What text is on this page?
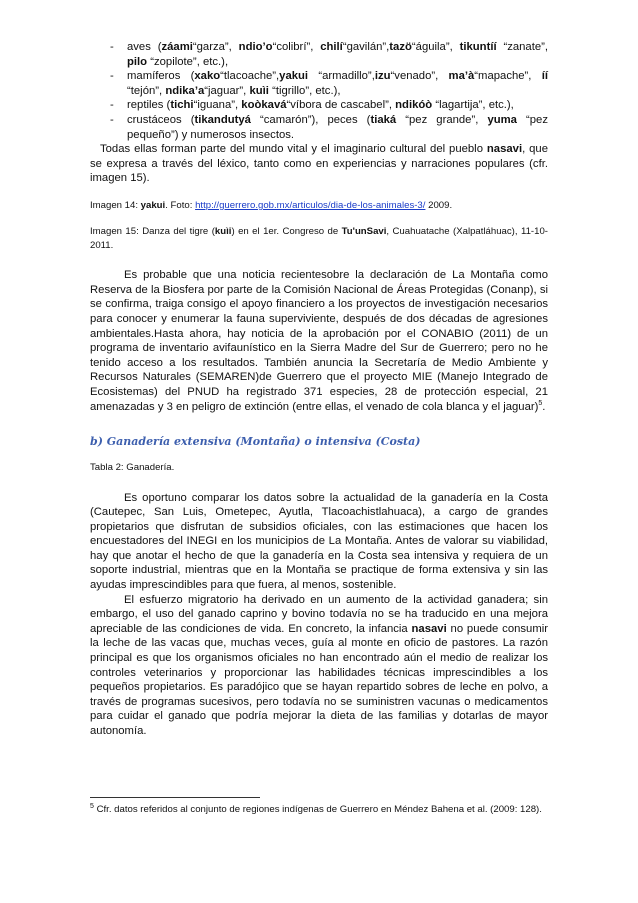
- aves (záami“garza”, ndio’o“colibrí”, chilí“gavilán”,tazö“águila”, tikuntíí “zanate”, pilo “zopilote”, etc.),
- mamíferos (xako“tlacoache”,yakui “armadillo”,izu“venado”, ma’à“mapache”, íí “tejón”, ndika’a“jaguar”, kuìi “tigrillo”, etc.),
- reptiles (tichi“iguana”, koòkavá“víbora de cascabel”, ndikóò “lagartija”, etc.),
- crustáceos (tikandutyá “camarón”), peces (tiaká “pez grande”, yuma “pez pequeño”) y numerosos insectos.

Todas ellas forman parte del mundo vital y el imaginario cultural del pueblo nasavi, que se expresa a través del léxico, tanto como en experiencias y narraciones populares (cfr. imagen 15).

Imagen 14: yakui. Foto: http://guerrero.gob.mx/articulos/dia-de-los-animales-3/ 2009.

Imagen 15: Danza del tigre (kuìi) en el 1er. Congreso de Tu'unSavi, Cuahuatache (Xalpatláhuac), 11-10-2011.

Es probable que una noticia recientesobre la declaración de La Montaña como Reserva de la Biosfera por parte de la Comisión Nacional de Áreas Protegidas (Conanp), si se confirma, traiga consigo el apoyo financiero a los proyectos de investigación necesarios para conocer y enumerar la fauna superviviente, después de dos décadas de agresiones ambientales.Hasta ahora, hay noticia de la aprobación por el CONABIO (2011) de un programa de inventario avifaunístico en la Sierra Madre del Sur de Guerrero; pero no he tenido acceso a los resultados. También anuncia la Secretaría de Medio Ambiente y Recursos Naturales (SEMAREN)de Guerrero que el proyecto MIE (Manejo Integrado de Ecosistemas) del PNUD ha registrado 371 especies, 28 de protección especial, 21 amenazadas y 3 en peligro de extinción (entre ellas, el venado de cola blanca y el jaguar)$^5$.

b) Ganadería extensiva (Montaña) o intensiva (Costa)

Tabla 2: Ganadería.

Es oportuno comparar los datos sobre la actualidad de la ganadería en la Costa (Cautepec, San Luis, Ometepec, Ayutla, Tlacoachistlahuaca), a cargo de grandes propietarios que disfrutan de subsidios oficiales, con las estimaciones que hacen los encuestadores del INEGI en los municipios de La Montaña. Antes de valorar su viabilidad, hay que anotar el hecho de que la ganadería en la Costa sea intensiva y requiera de un soporte industrial, mientras que en la Montaña se practique de forma extensiva y sin las ayudas imprescindibles para que fuera, al menos, sostenible.

El esfuerzo migratorio ha derivado en un aumento de la actividad ganadera; sin embargo, el uso del ganado caprino y bovino todavía no se ha traducido en una mejora apreciable de las condiciones de vida. En concreto, la infancia nasavi no puede consumir la leche de las vacas que, muchas veces, guía al monte en oficio de pastores. La razón principal es que los organismos oficiales no han encontrado aún el medio de realizar los controles veterinarios y proporcionar las habilidades técnicas imprescindibles a los pequeños propietarios. Es paradójico que se hayan repartido sobres de leche en polvo, a través de programas sucesivos, pero todavía no se suministren vacunas o medicamentos para cuidar el ganado que podría mejorar la dieta de las familias y dotarlas de mayor autonomía.

$^5$ Cfr. datos referidos al conjunto de regiones indígenas de Guerrero en Méndez Bahena et al. (2009: 128).
